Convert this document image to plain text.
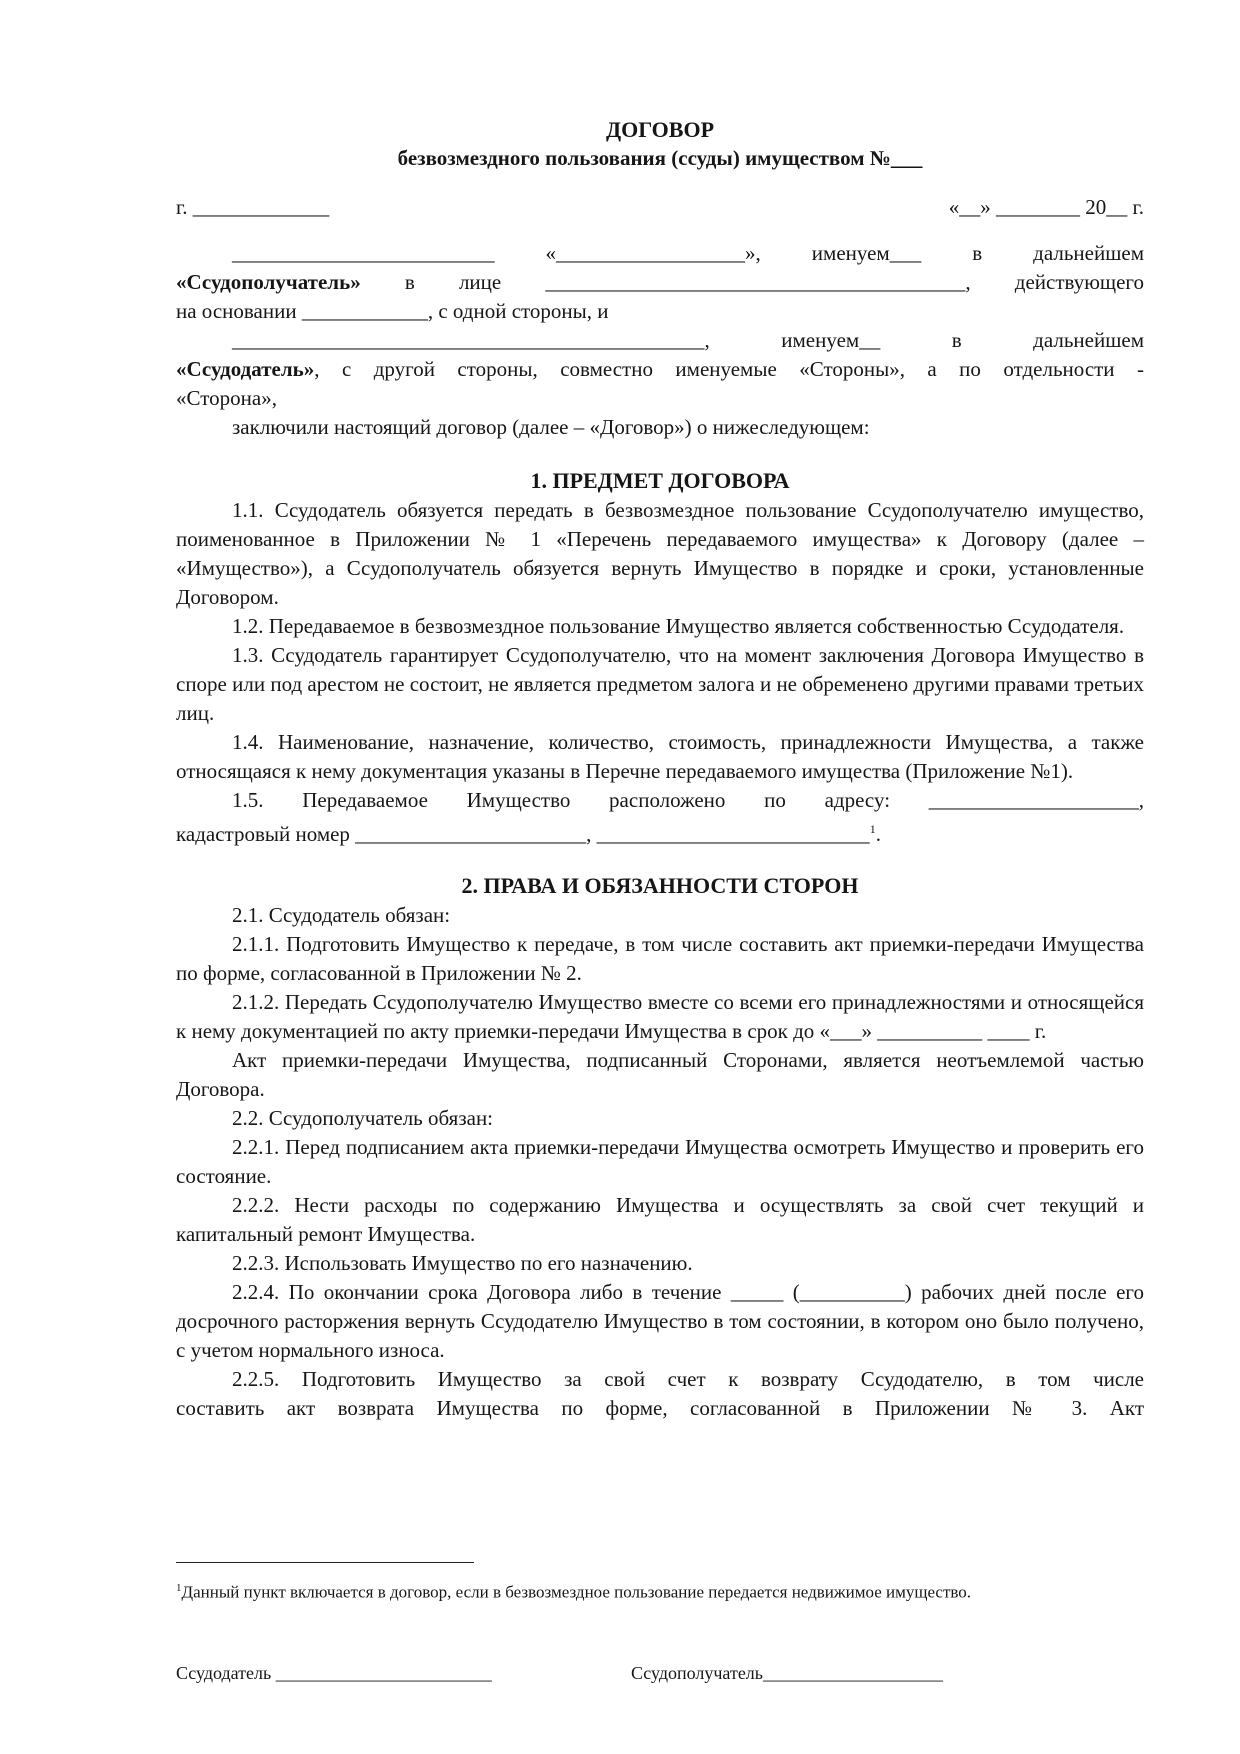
ДОГОВОР
безвозмездного пользования (ссуды) имуществом №___
г. _____________	«__» ________ 20__ г.

_________________________ «__________________», именуем___ в дальнейшем

«Ссудополучатель» в лице ________________________________________, действующего

на основании ____________, с одной стороны, и

_____________________________________________, именуем__ в дальнейшем

«Ссудодатель», с другой стороны, совместно именуемые «Стороны», а по отдельности -

«Сторона»,

заключили настоящий договор (далее – «Договор») о нижеследующем:

1. ПРЕДМЕТ ДОГОВОРА

1.1. Ссудодатель обязуется передать в безвозмездное пользование Ссудополучателю имущество, поименованное в Приложении № 1 «Перечень передаваемого имущества» к Договору (далее – «Имущество»), а Ссудополучатель обязуется вернуть Имущество в порядке и сроки, установленные Договором.

1.2. Передаваемое в безвозмездное пользование Имущество является собственностью Ссудодателя.

1.3. Ссудодатель гарантирует Ссудополучателю, что на момент заключения Договора Имущество в споре или под арестом не состоит, не является предметом залога и не обременено другими правами третьих лиц.

1.4. Наименование, назначение, количество, стоимость, принадлежности Имущества, а также относящаяся к нему документация указаны в Перечне передаваемого имущества (Приложение №1).

1.5. Передаваемое Имущество расположено по адресу: ____________________,

кадастровый номер ______________________, __________________________$^1$.

2. ПРАВА И ОБЯЗАННОСТИ СТОРОН

2.1. Ссудодатель обязан:

2.1.1. Подготовить Имущество к передаче, в том числе составить акт приемки-передачи Имущества по форме, согласованной в Приложении № 2.

2.1.2. Передать Ссудополучателю Имущество вместе со всеми его принадлежностями и относящейся к нему документацией по акту приемки-передачи Имущества в срок до «___» __________ ____ г.

Акт приемки-передачи Имущества, подписанный Сторонами, является неотъемлемой частью Договора.

2.2. Ссудополучатель обязан:

2.2.1. Перед подписанием акта приемки-передачи Имущества осмотреть Имущество и проверить его состояние.

2.2.2. Нести расходы по содержанию Имущества и осуществлять за свой счет текущий и капитальный ремонт Имущества.

2.2.3. Использовать Имущество по его назначению.

2.2.4. По окончании срока Договора либо в течение _____ (__________) рабочих дней после его досрочного расторжения вернуть Ссудодателю Имущество в том состоянии, в котором оно было получено, с учетом нормального износа.

2.2.5. Подготовить Имущество за свой счет к возврату Ссудодателю, в том числе

составить акт возврата Имущества по форме, согласованной в Приложении № 3. Акт

$^1$Данный пункт включается в договор, если в безвозмездное пользование передается недвижимое имущество.
Ссудодатель ________________________	Ссудополучатель____________________
